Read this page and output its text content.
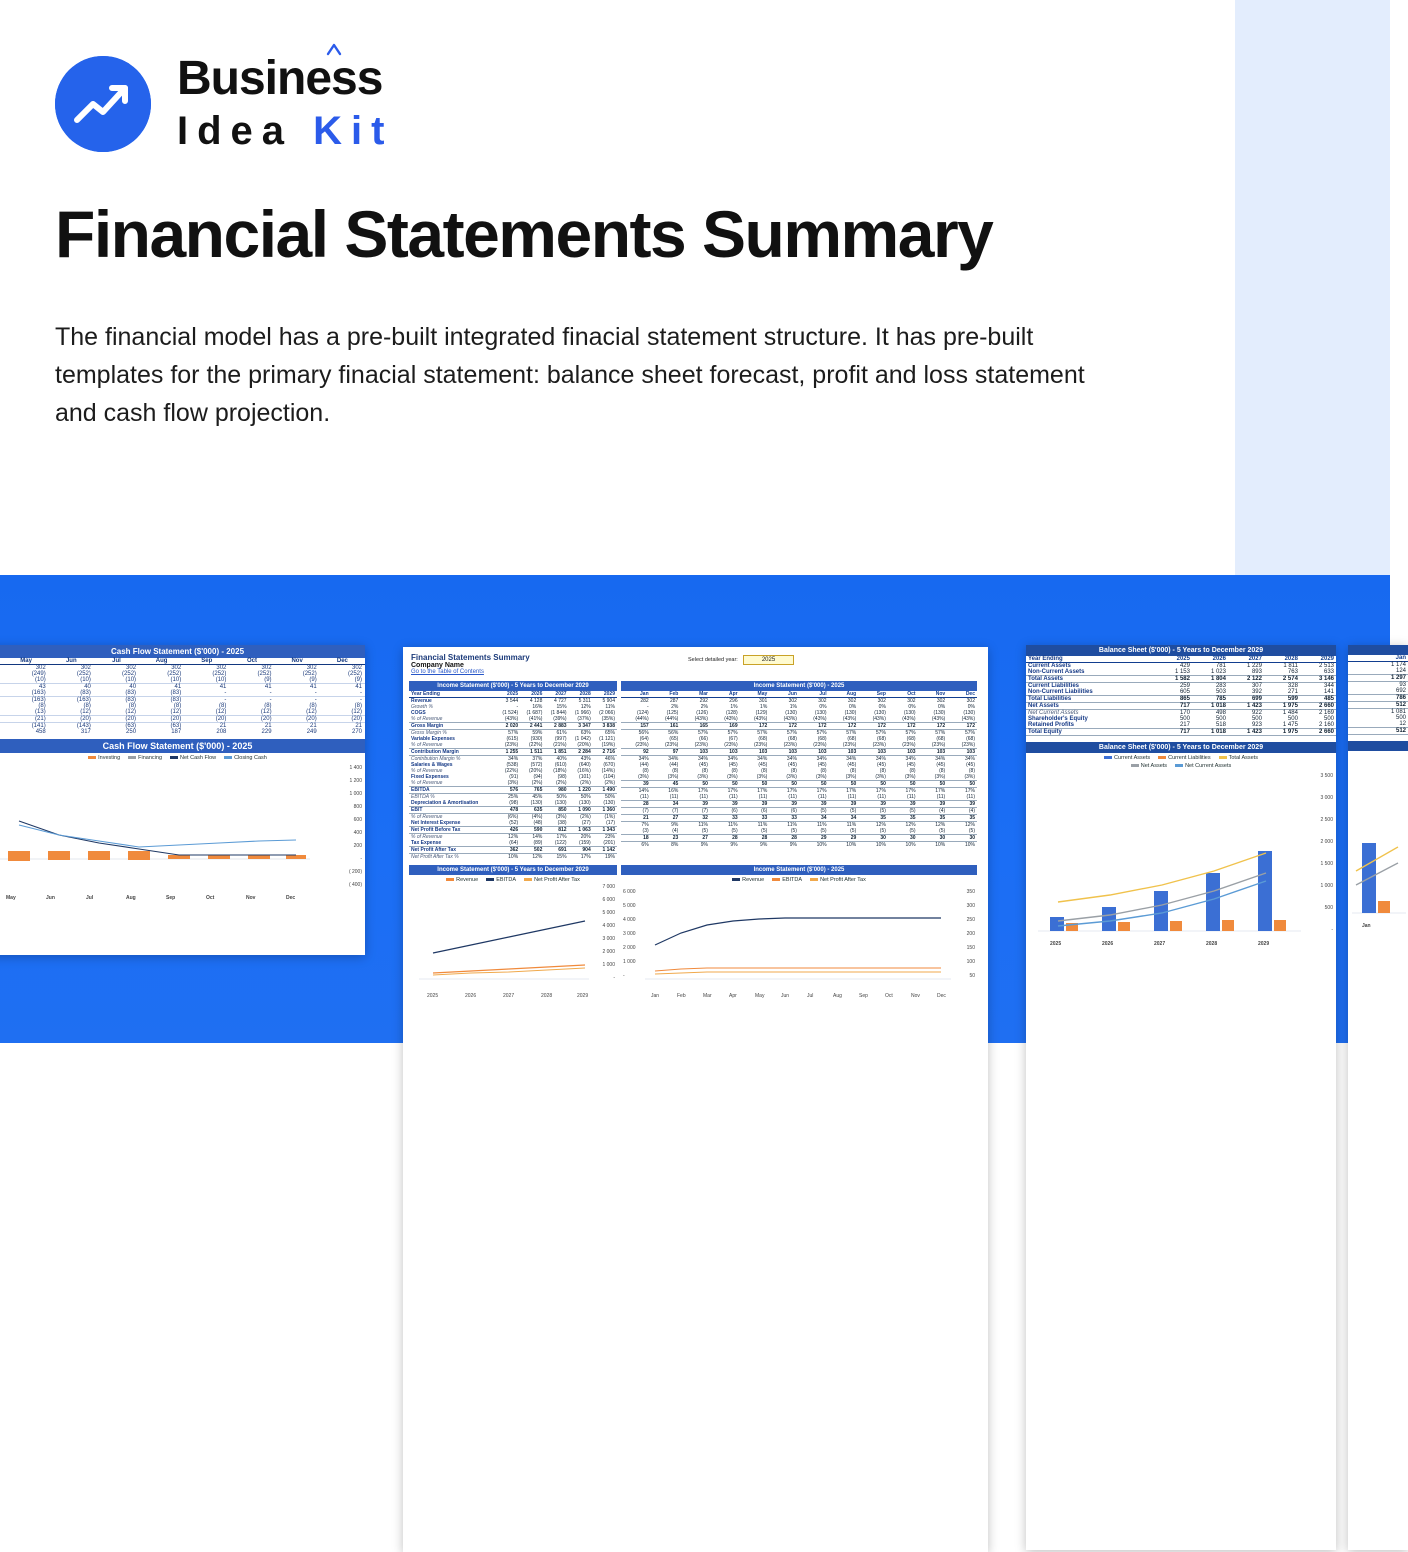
Business
Idea Kit
Financial Statements Summary
The financial model has a pre-built integrated finacial statement structure. It has pre-built templates for the primary finacial statement: balance sheet forecast, profit and loss statement and cash flow projection.
Cash Flow Statement ($'000) - 2025
	May	Jun	Jul	Aug	Sep	Oct	Nov	Dec
	302	302	302	302	302	302	302	302
	(249)	(252)	(252)	(252)	(252)	(252)	(252)	(252)
	(10)	(10)	(10)	(10)	(10)	(9)	(9)	(9)
	43	40	40	41	41	41	41	41
	(163)	(83)	(83)	(83)	-	-	-	-
	(163)	(163)	(83)	(83)	-	-	-	-
	(8)	(8)	(8)	(8)	(8)	(8)	(8)	(8)
	(13)	(12)	(12)	(12)	(12)	(12)	(12)	(12)
	(21)	(20)	(20)	(20)	(20)	(20)	(20)	(20)
	(141)	(143)	(63)	(63)	21	21	21	21
	458	317	250	187	208	229	249	270
Cash Flow Statement ($'000) - 2025
Investing	Financing	Net Cash Flow	Closing Cash
1 400
1 200
1 000
800
600
400
200
-
( 200)
( 400)
May	Jun	Jul	Aug	Sep	Oct	Nov	Dec
Financial Statements Summary
Company Name
Go to the Table of Contents
Select detailed year:	2025
Income Statement ($'000) - 5 Years to December 2029
Year Ending	2025	2026	2027	2028	2029
Revenue	3 544	4 128	4 727	5 311	5 904
Growth %	-	16%	15%	12%	11%
COGS	(1 524)	(1 687)	(1 844)	(1 966)	(2 066)
% of Revenue	(43%)	(41%)	(39%)	(37%)	(35%)
Gross Margin	2 020	2 441	2 883	3 347	3 838
Gross Margin %	57%	59%	61%	63%	65%
Variable Expenses	(615)	(930)	(997)	(1 042)	(1 121)
% of Revenue	(23%)	(22%)	(21%)	(20%)	(19%)
Contribution Margin	1 255	1 511	1 851	2 284	2 716
Contribution Margin %	34%	37%	40%	43%	46%
Salaries & Wages	(538)	(572)	(610)	(640)	(670)
% of Revenue	(22%)	(20%)	(18%)	(16%)	(14%)
Fixed Expenses	(91)	(94)	(98)	(101)	(104)
% of Revenue	(3%)	(2%)	(2%)	(2%)	(2%)
EBITDA	576	765	980	1 220	1 490
EBITDA %	25%	45%	50%	50%	50%
Depreciation & Amortisation	(98)	(130)	(130)	(130)	(130)
EBIT	478	635	850	1 090	1 360
% of Revenue	(6%)	(4%)	(3%)	(2%)	(1%)
Net Interest Expense	(52)	(48)	(38)	(27)	(17)
Net Profit Before Tax	426	590	812	1 063	1 343
% of Revenue	12%	14%	17%	20%	23%
Tax Expense	(64)	(89)	(122)	(159)	(201)
Net Profit After Tax	362	502	691	904	1 142
Net Profit After Tax %	10%	12%	15%	17%	19%
Income Statement ($'000) - 2025
Jan	Feb	Mar	Apr	May	Jun	Jul	Aug	Sep	Oct	Nov	Dec
282	287	292	296	301	302	302	302	302	302	302	302
-	2%	2%	1%	1%	1%	0%	0%	0%	0%	0%	0%
(124)	(125)	(126)	(128)	(129)	(130)	(130)	(130)	(130)	(130)	(130)	(130)
(44%)	(44%)	(43%)	(43%)	(43%)	(43%)	(43%)	(43%)	(43%)	(43%)	(43%)	(43%)
157	161	165	169	172	172	172	172	172	172	172	172
56%	56%	57%	57%	57%	57%	57%	57%	57%	57%	57%	57%
(64)	(65)	(66)	(67)	(68)	(68)	(68)	(68)	(68)	(68)	(68)	(68)
(23%)	(23%)	(23%)	(23%)	(23%)	(23%)	(23%)	(23%)	(23%)	(23%)	(23%)	(23%)
92	97	103	103	103	103	103	103	103	103	103	103
34%	34%	34%	34%	34%	34%	34%	34%	34%	34%	34%	34%
(44)	(44)	(45)	(45)	(45)	(45)	(45)	(45)	(45)	(45)	(45)	(45)
(8)	(8)	(8)	(8)	(8)	(8)	(8)	(8)	(8)	(8)	(8)	(8)
(3%)	(3%)	(3%)	(3%)	(3%)	(3%)	(3%)	(3%)	(3%)	(3%)	(3%)	(3%)
39	45	50	50	50	50	50	50	50	50	50	50
14%	16%	17%	17%	17%	17%	17%	17%	17%	17%	17%	17%
(11)	(11)	(11)	(11)	(11)	(11)	(11)	(11)	(11)	(11)	(11)	(11)
28	34	39	39	39	39	39	39	39	39	39	39
(7)	(7)	(7)	(6)	(6)	(6)	(5)	(5)	(5)	(5)	(4)	(4)
21	27	32	33	33	33	34	34	35	35	35	35
7%	9%	11%	11%	11%	11%	11%	11%	12%	12%	12%	12%
(3)	(4)	(5)	(5)	(5)	(5)	(5)	(5)	(5)	(5)	(5)	(5)
18	23	27	28	28	28	29	29	30	30	30	30
6%	8%	9%	9%	9%	9%	10%	10%	10%	10%	10%	10%
Income Statement ($'000) - 5 Years to December 2029
Revenue	EBITDA	Net Profit After Tax
7 000
6 000
5 000
4 000
3 000
2 000
1 000
-
2025	2026	2027	2028	2029
Income Statement ($'000) - 2025
Revenue	EBITDA	Net Profit After Tax
6 000
5 000
4 000
3 000
2 000
1 000
-
350
300
250
200
150
100
50
Jan	Feb	Mar	Apr	May	Jun	Jul	Aug	Sep	Oct	Nov	Dec
Balance Sheet ($'000) - 5 Years to December 2029
Year Ending	2025	2026	2027	2028	2029
Current Assets	429	781	1 229	1 811	2 513
Non-Current Assets	1 153	1 023	893	763	633
Total Assets	1 582	1 804	2 122	2 574	3 146
Current Liabilities	259	283	307	328	344
Non-Current Liabilities	605	503	392	271	141
Total Liabilities	865	785	699	599	485
Net Assets	717	1 018	1 423	1 975	2 660
Net Current Assets	170	498	922	1 484	2 169
Shareholder's Equity	500	500	500	500	500
Retained Profits	217	518	923	1 475	2 160
Total Equity	717	1 018	1 423	1 975	2 660
Balance Sheet ($'000) - 5 Years to December 2029
Current Assets	Current Liabilities	Total Assets
Net Assets	Net Current Assets
3 500
3 000
2 500
2 000
1 500
1 000
500
-
2025	2026	2027	2028	2029

Jan
1 174
124
1 297
93
692
786
512
1 081
500
12
512

Jan
